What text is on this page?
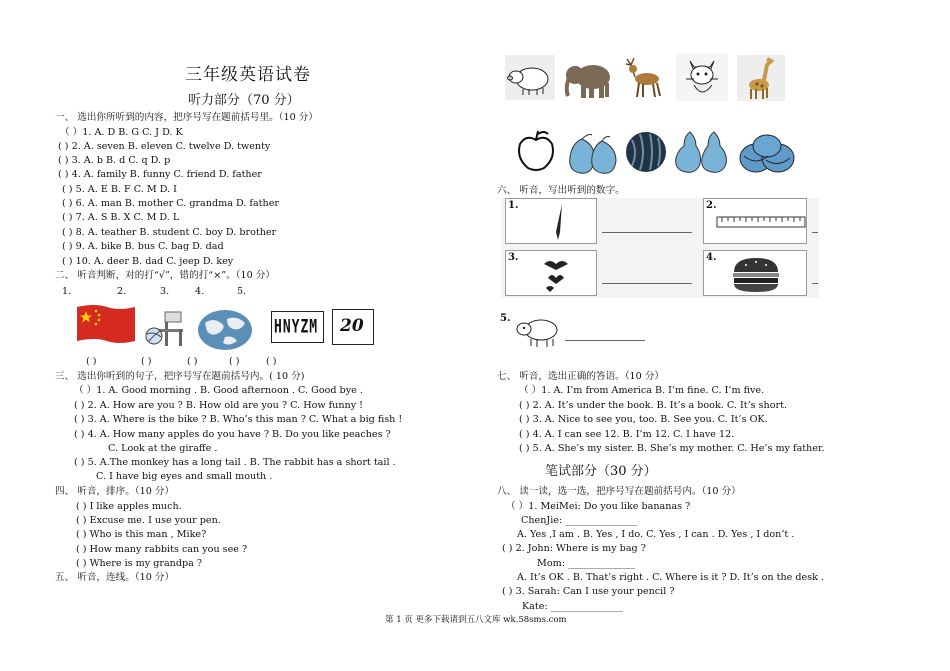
三年级英语试卷
听力部分（70 分）
一、 选出你所听到的内容，把序号写在题前括号里。（10 分）
（ ）1. A. D B. G C. J D. K
( ) 2. A. seven B. eleven C. twelve D. twenty
( ) 3. A. b B. d C. q D. p
( ) 4. A. family B. funny C. friend D. father
( ) 5. A. E B. F C. M D. I
( ) 6. A. man B. mother C. grandma D. father
( ) 7. A. S B. X C. M D. L
( ) 8. A. teather B. student C. boy D. brother
( ) 9. A. bike B. bus C. bag D. dad
( ) 10. A. deer B. dad C. jeep D. key
二、 听音判断，对的打“√”，错的打“×”。（10 分）
1.	2.	3.	4.	5.
HNYZM 20
( )	( )	( )	( )	( )
三、 选出你听到的句子，把序号写在题前括号内。( 10 分)
（ ）1. A. Good morning . B. Good afternoon . C. Good bye .
( ) 2. A. How are you ? B. How old are you ? C. How funny !
( ) 3. A. Where is the bike ? B. Who’s this man ? C. What a big fish !
( ) 4. A. How many apples do you have ? B. Do you like peaches ?
C. Look at the giraffe .
( ) 5. A.The monkey has a long tail . B. The rabbit has a short tail .
C. I have big eyes and small mouth .
四、 听音，排序。（10 分）
( ) I like apples much.
( ) Excuse me. I use your pen.
( ) Who is this man , Mike?
( ) How many rabbits can you see ?
( ) Where is my grandpa ?
五、 听音，连线。（10 分）
六、 听音，写出听到的数字。
1.	2.
3.	4.
5.
七、 听音，选出正确的答语。（10 分）
（ ）1. A. I’m from America B. I’m fine. C. I’m five.
( ) 2. A. It’s under the book. B. It’s a book. C. It’s short.
( ) 3. A. Nice to see you, too. B. See you. C. It’s OK.
( ) 4. A. I can see 12. B. I’m 12. C. I have 12.
( ) 5. A. She’s my sister. B. She’s my mother. C. He’s my father.
笔试部分（30 分）
八、 读一读，选一选，把序号写在题前括号内。（10 分）
（ ）1. MeiMei: Do you like bananas ?
ChenJie: _______________
A. Yes ,I am . B. Yes , I do. C. Yes , I can . D. Yes , I don’t .
( ) 2. John: Where is my bag ?
Mom: ______________
A. It’s OK . B. That’s right . C. Where is it ? D. It’s on the desk .
( ) 3. Sarah: Can I use your pencil ?
Kate: _______________
第 1 页 更多下载请到五八文库 wk.58sms.com
